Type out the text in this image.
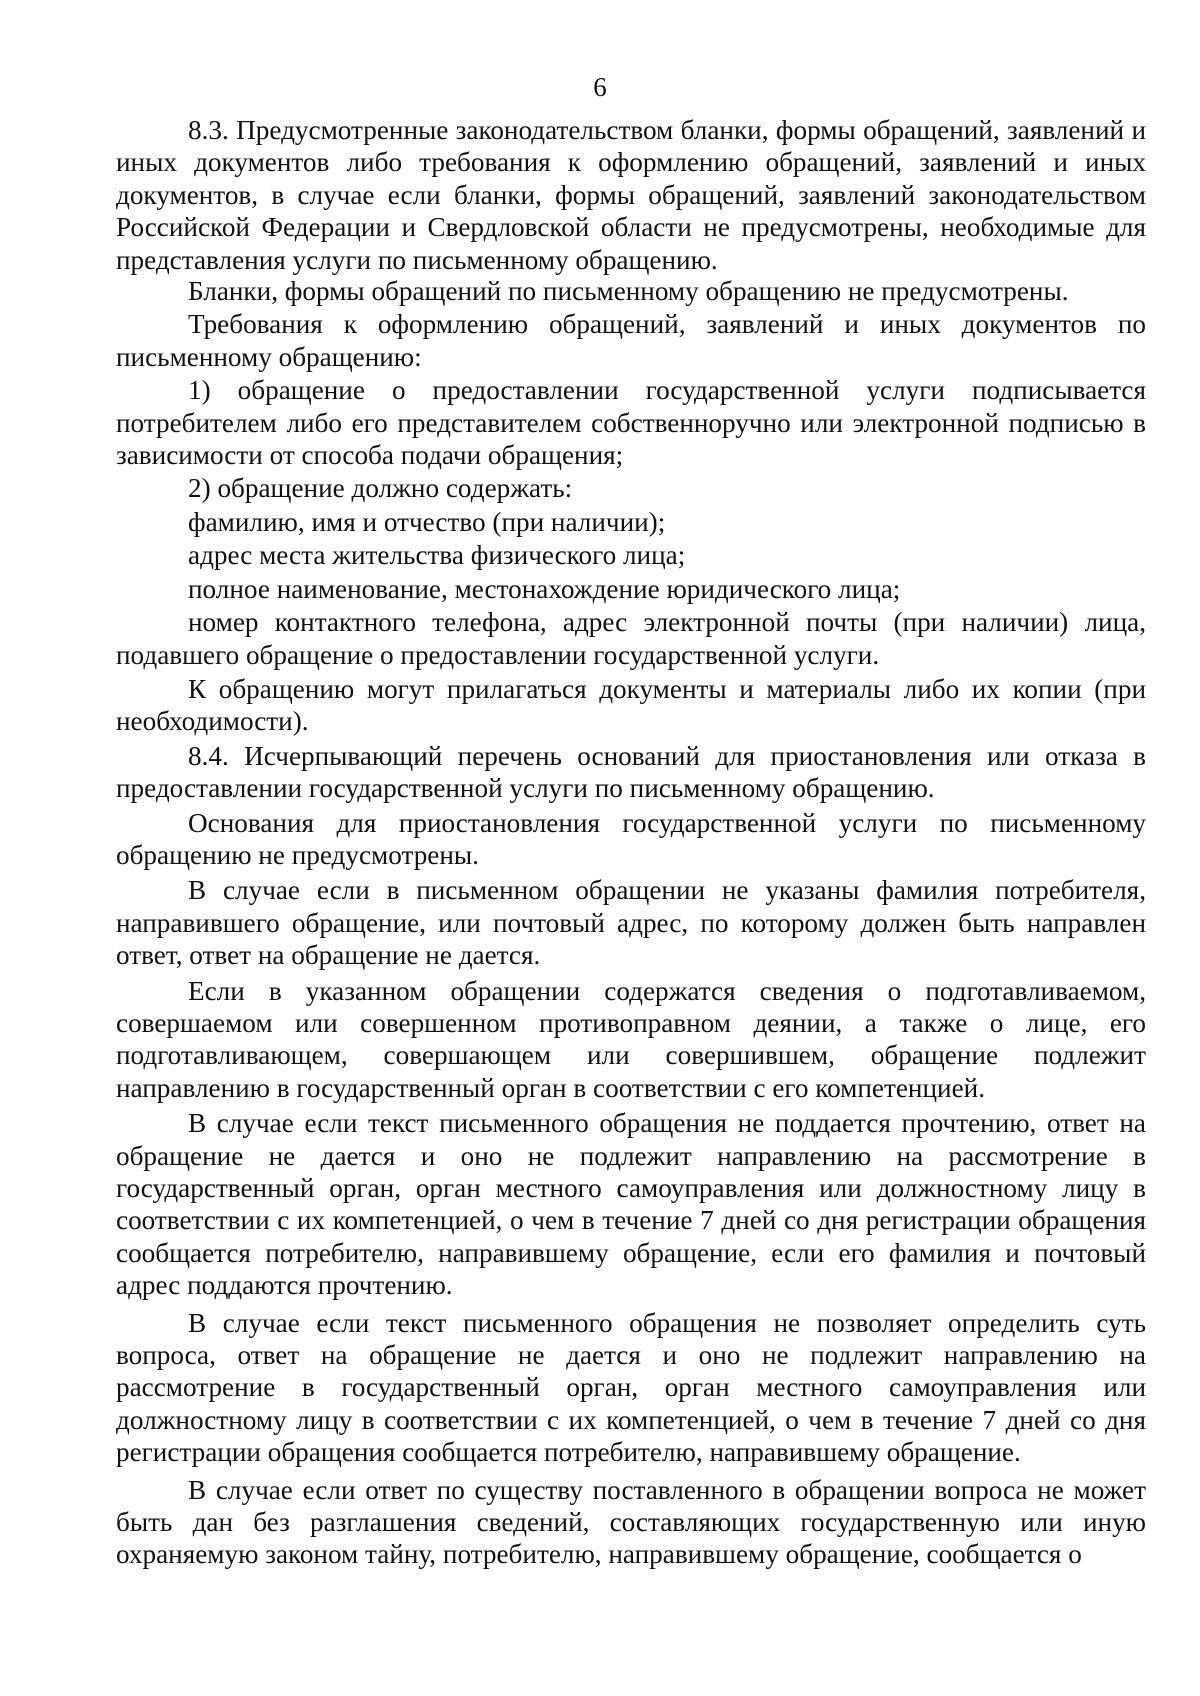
6

8.3. Предусмотренные законодательством бланки, формы обращений, заявлений и иных документов либо требования к оформлению обращений, заявлений и иных документов, в случае если бланки, формы обращений, заявлений законодательством Российской Федерации и Свердловской области не предусмотрены, необходимые для представления услуги по письменному обращению.

Бланки, формы обращений по письменному обращению не предусмотрены.

Требования к оформлению обращений, заявлений и иных документов по письменному обращению:

1) обращение о предоставлении государственной услуги подписывается потребителем либо его представителем собственноручно или электронной подписью в зависимости от способа подачи обращения;

2) обращение должно содержать:

фамилию, имя и отчество (при наличии);

адрес места жительства физического лица;

полное наименование, местонахождение юридического лица;

номер контактного телефона, адрес электронной почты (при наличии) лица, подавшего обращение о предоставлении государственной услуги.

К обращению могут прилагаться документы и материалы либо их копии (при необходимости).

8.4. Исчерпывающий перечень оснований для приостановления или отказа в предоставлении государственной услуги по письменному обращению.

Основания для приостановления государственной услуги по письменному обращению не предусмотрены.

В случае если в письменном обращении не указаны фамилия потребителя, направившего обращение, или почтовый адрес, по которому должен быть направлен ответ, ответ на обращение не дается.

Если в указанном обращении содержатся сведения о подготавливаемом, совершаемом или совершенном противоправном деянии, а также о лице, его подготавливающем, совершающем или совершившем, обращение подлежит направлению в государственный орган в соответствии с его компетенцией.

В случае если текст письменного обращения не поддается прочтению, ответ на обращение не дается и оно не подлежит направлению на рассмотрение в государственный орган, орган местного самоуправления или должностному лицу в соответствии с их компетенцией, о чем в течение 7 дней со дня регистрации обращения сообщается потребителю, направившему обращение, если его фамилия и почтовый адрес поддаются прочтению.

В случае если текст письменного обращения не позволяет определить суть вопроса, ответ на обращение не дается и оно не подлежит направлению на рассмотрение в государственный орган, орган местного самоуправления или должностному лицу в соответствии с их компетенцией, о чем в течение 7 дней со дня регистрации обращения сообщается потребителю, направившему обращение.

В случае если ответ по существу поставленного в обращении вопроса не может быть дан без разглашения сведений, составляющих государственную или иную охраняемую законом тайну, потребителю, направившему обращение, сообщается о
